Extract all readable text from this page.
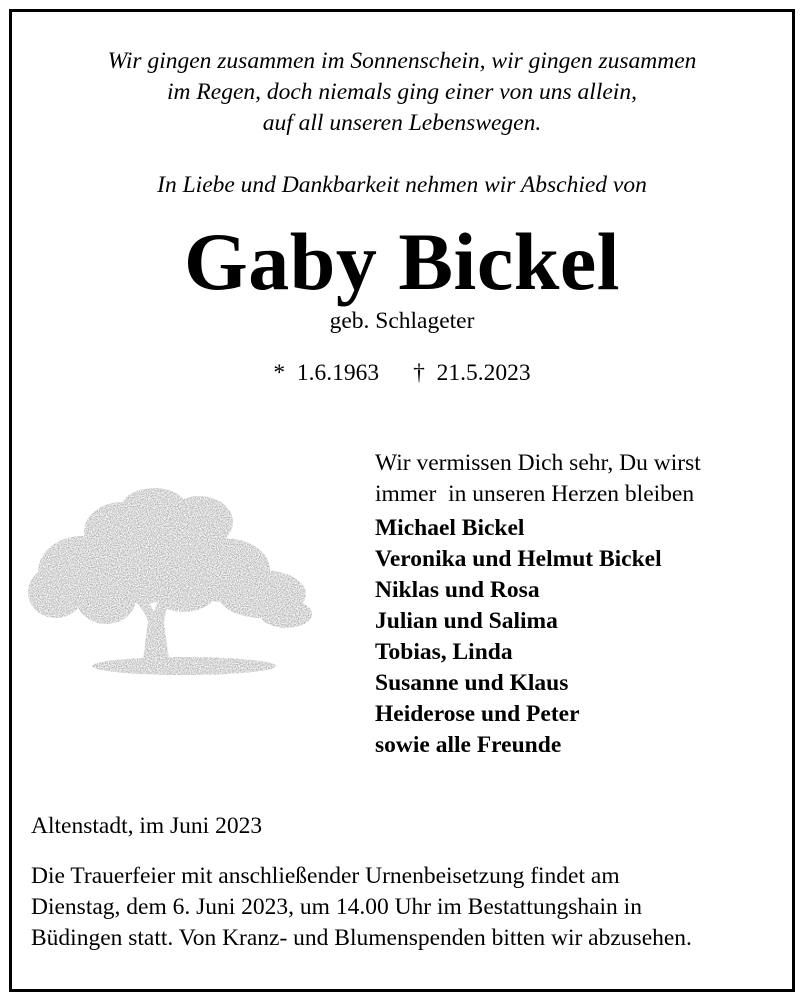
Wir gingen zusammen im Sonnenschein, wir gingen zusammen
im Regen, doch niemals ging einer von uns allein,
auf all unseren Lebenswegen.
In Liebe und Dankbarkeit nehmen wir Abschied von
Gaby Bickel
geb. Schlageter
* 1.6.1963 † 21.5.2023
Wir vermissen Dich sehr, Du wirst
immer  in unseren Herzen bleiben
Michael Bickel
Veronika und Helmut Bickel
Niklas und Rosa
Julian und Salima
Tobias, Linda
Susanne und Klaus
Heiderose und Peter
sowie alle Freunde
Altenstadt, im Juni 2023
Die Trauerfeier mit anschließender Urnenbeisetzung findet am
Dienstag, dem 6. Juni 2023, um 14.00 Uhr im Bestattungshain in
Büdingen statt. Von Kranz- und Blumenspenden bitten wir abzusehen.
